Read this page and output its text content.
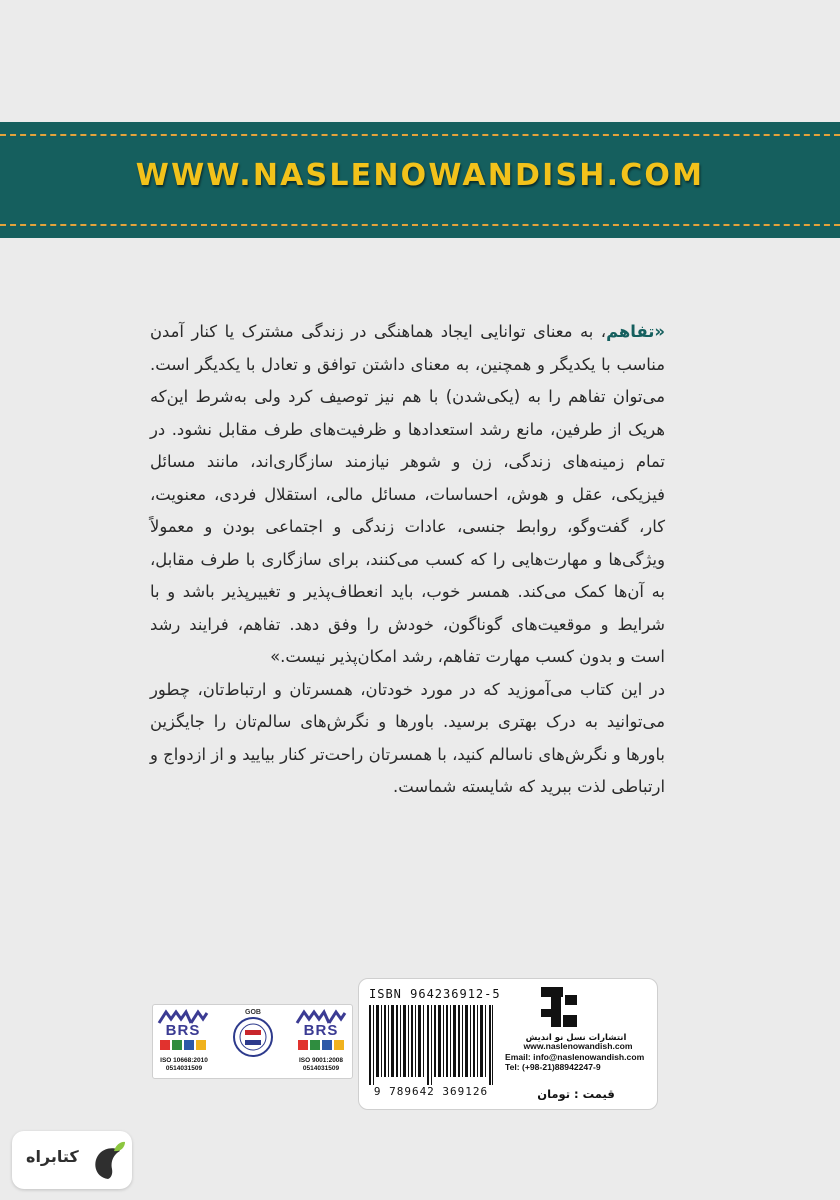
WWW.NASLENOWANDISH.COM

«تفاهم، به معنای توانایی ایجاد هماهنگی در زندگی مشترک یا کنار آمدن مناسب با یکدیگر و همچنین، به معنای داشتن توافق و تعادل با یکدیگر است. می‌توان تفاهم را به (یکی‌شدن) با هم نیز توصیف کرد ولی به‌شرط این‌که هریک از طرفین، مانع رشد استعدادها و ظرفیت‌های طرف مقابل نشود. در تمام زمینه‌های زندگی، زن و شوهر نیازمند سازگاری‌اند، مانند مسائل فیزیکی، عقل و هوش، احساسات، مسائل مالی، استقلال فردی، معنویت، کار، گفت‌وگو، روابط جنسی، عادات زندگی و اجتماعی بودن و معمولاً ویژگی‌ها و مهارت‌هایی را که کسب می‌کنند، برای سازگاری با طرف مقابل، به آن‌ها کمک می‌کند. همسر خوب، باید انعطاف‌پذیر و تغییرپذیر باشد و با شرایط و موقعیت‌های گوناگون، خودش را وفق دهد. تفاهم، فرایند رشد است و بدون کسب مهارت تفاهم، رشد امکان‌پذیر نیست.»

در این کتاب می‌آموزید که در مورد خودتان، همسرتان و ارتباط‌تان، چطور می‌توانید به درک بهتری برسید. باورها و نگرش‌های سالم‌تان را جایگزین باورها و نگرش‌های ناسالم کنید، با همسرتان راحت‌تر کنار بیایید و از ازدواج و ارتباطی لذت ببرید که شایسته شماست.

BRS
ISO 10668:2010
0514031509
GOB
BRS
ISO 9001:2008
0514031509
ISBN 964236912-5
9 789642 369126
انتشارات نسل نو اندیش
www.naslenowandish.com
Email: info@naslenowandish.com
Tel: (+98-21)88942247-9
قیمت : تومان
کتابراه
